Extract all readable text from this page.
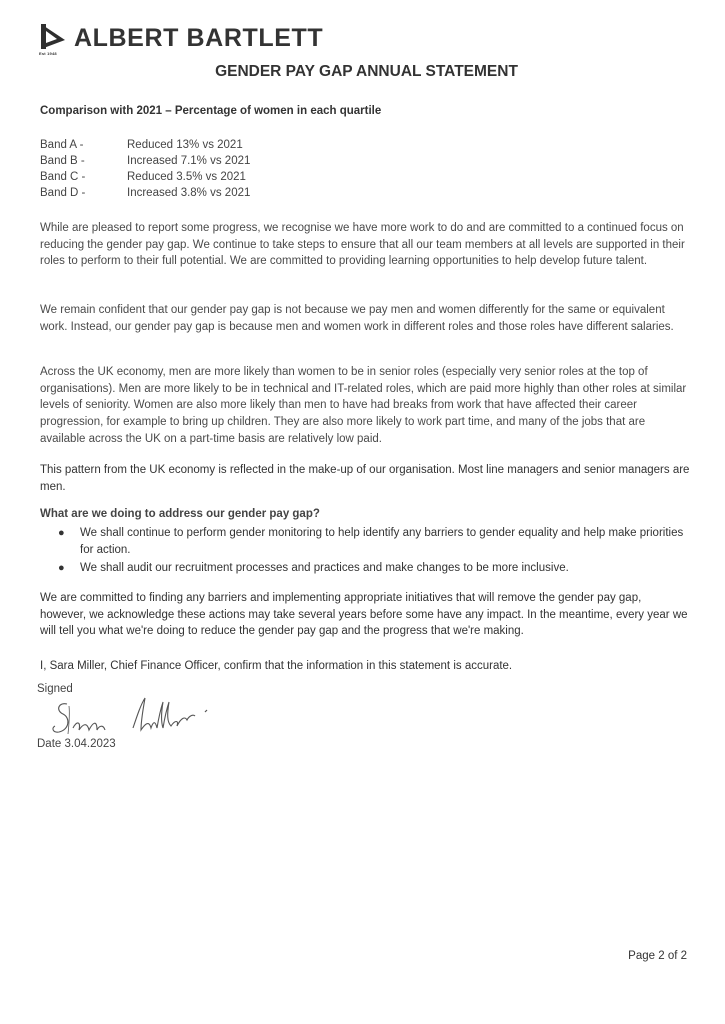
Est 1948
ALBERT BARTLETT
GENDER PAY GAP ANNUAL STATEMENT
Comparison with 2021 – Percentage of women in each quartile
Band A -	Reduced 13% vs 2021
Band B -	Increased 7.1% vs 2021
Band C -	Reduced 3.5% vs 2021
Band D -	Increased 3.8% vs 2021

While are pleased to report some progress, we recognise we have more work to do and are committed to a continued focus on reducing the gender pay gap. We continue to take steps to ensure that all our team members at all levels are supported in their roles to perform to their full potential. We are committed to providing learning opportunities to help develop future talent.

We remain confident that our gender pay gap is not because we pay men and women differently for the same or equivalent work. Instead, our gender pay gap is because men and women work in different roles and those roles have different salaries.

Across the UK economy, men are more likely than women to be in senior roles (especially very senior roles at the top of organisations). Men are more likely to be in technical and IT-related roles, which are paid more highly than other roles at similar levels of seniority. Women are also more likely than men to have had breaks from work that have affected their career progression, for example to bring up children. They are also more likely to work part time, and many of the jobs that are available across the UK on a part-time basis are relatively low paid.

This pattern from the UK economy is reflected in the make-up of our organisation. Most line managers and senior managers are men.

What are we doing to address our gender pay gap?
● We shall continue to perform gender monitoring to help identify any barriers to gender equality and help make priorities for action.
● We shall audit our recruitment processes and practices and make changes to be more inclusive.

We are committed to finding any barriers and implementing appropriate initiatives that will remove the gender pay gap, however, we acknowledge these actions may take several years before some have any impact. In the meantime, every year we will tell you what we're doing to reduce the gender pay gap and the progress that we're making.

I, Sara Miller, Chief Finance Officer, confirm that the information in this statement is accurate.

Signed
Date 3.04.2023
Page 2 of 2
